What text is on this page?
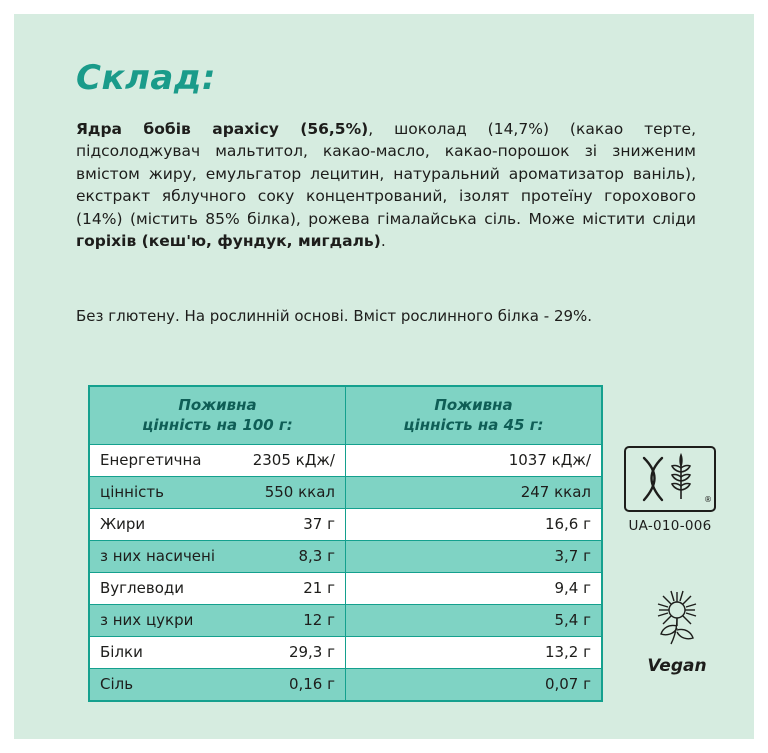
Склад:
Ядра бобів арахісу (56,5%), шоколад (14,7%) (какао терте, підсолоджувач мальтитол, какао-масло, какао-порошок зі зниженим вмістом жиру, емульгатор лецитин, натуральний ароматизатор ваніль), екстракт яблучного соку концентрований, ізолят протеїну горохового (14%) (містить 85% білка), рожева гімалайська сіль. Може містити сліди горіхів (кеш'ю, фундук, мигдаль).
Без глютену. На рослинній основі. Вміст рослинного білка - 29%.
Поживна
цінність на 100 г:

Поживна
цінність на 45 г:

Енергетична 2305 кДж/	1037 кДж/

цінність 550 ккал	247 ккал

Жири 37 г	16,6 г

з них насичені 8,3 г	3,7 г

Вуглеводи 21 г	9,4 г

з них цукри 12 г	5,4 г

Білки 29,3 г	13,2 г

Сіль 0,16 г	0,07 г
®
UA-010-006
Vegan
